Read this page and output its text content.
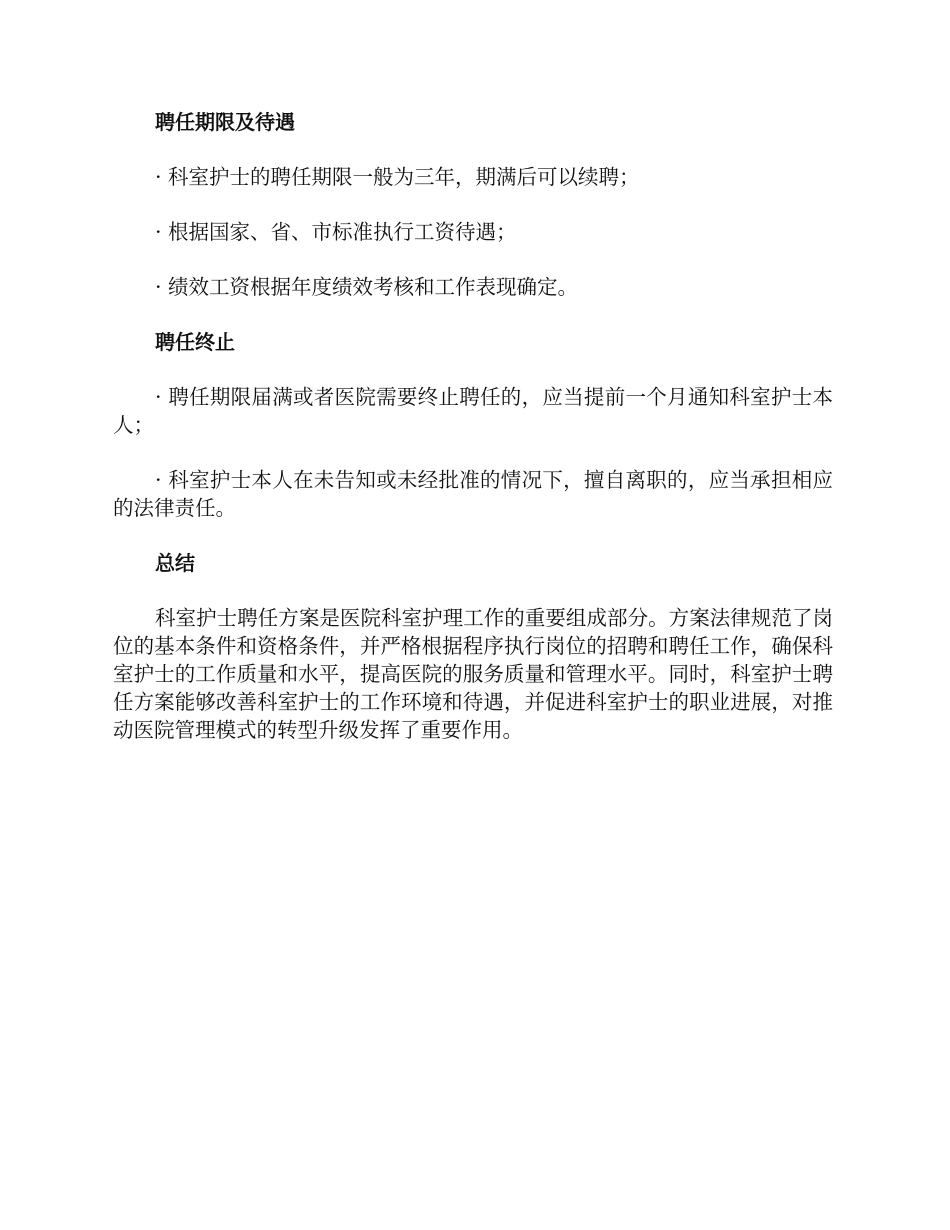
聘任期限及待遇

· 科室护士的聘任期限一般为三年，期满后可以续聘；

· 根据国家、省、市标准执行工资待遇；

· 绩效工资根据年度绩效考核和工作表现确定。

聘任终止

· 聘任期限届满或者医院需要终止聘任的，应当提前一个月通知科室护士本人；

· 科室护士本人在未告知或未经批准的情况下，擅自离职的，应当承担相应的法律责任。

总结

科室护士聘任方案是医院科室护理工作的重要组成部分。方案法律规范了岗位的基本条件和资格条件，并严格根据程序执行岗位的招聘和聘任工作，确保科室护士的工作质量和水平，提高医院的服务质量和管理水平。同时，科室护士聘任方案能够改善科室护士的工作环境和待遇，并促进科室护士的职业进展，对推动医院管理模式的转型升级发挥了重要作用。
